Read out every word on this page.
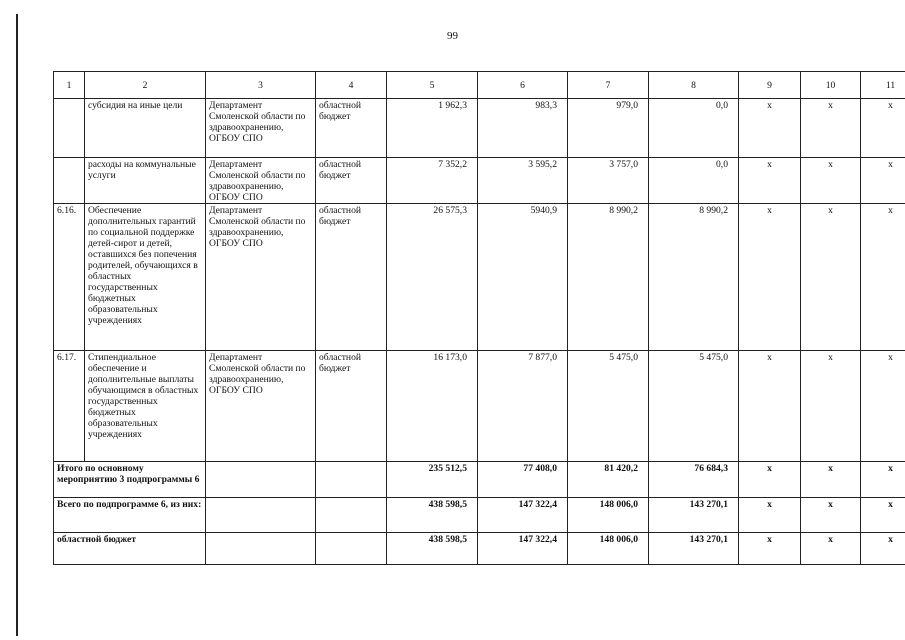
99
1	2	3	4	5	6	7	8	9	10	11
	субсидия на иные цели	Департамент Смоленской области по здравоохранению, ОГБОУ СПО	областной бюджет	1 962,3	983,3	979,0	0,0	х	х	х
	расходы на коммунальные услуги	Департамент Смоленской области по здравоохранению, ОГБОУ СПО	областной бюджет	7 352,2	3 595,2	3 757,0	0,0	х	х	х
6.16.	Обеспечение дополнительных гарантий по социальной поддержке детей-сирот и детей, оставшихся без попечения родителей, обучающихся в областных государственных бюджетных образовательных учреждениях	Департамент Смоленской области по здравоохранению, ОГБОУ СПО	областной бюджет	26 575,3	5940,9	8 990,2	8 990,2	х	х	х
6.17.	Стипендиальное обеспечение и дополнительные выплаты обучающимся в областных государственных бюджетных образовательных учреждениях	Департамент Смоленской области по здравоохранению, ОГБОУ СПО	областной бюджет	16 173,0	7 877,0	5 475,0	5 475,0	х	х	х
Итого по основному мероприятию 3 подпрограммы 6				235 512,5	77 408,0	81 420,2	76 684,3	х	х	х
Всего по подпрограмме 6, из них:				438 598,5	147 322,4	148 006,0	143 270,1	х	х	х
областной бюджет				438 598,5	147 322,4	148 006,0	143 270,1	х	х	х
